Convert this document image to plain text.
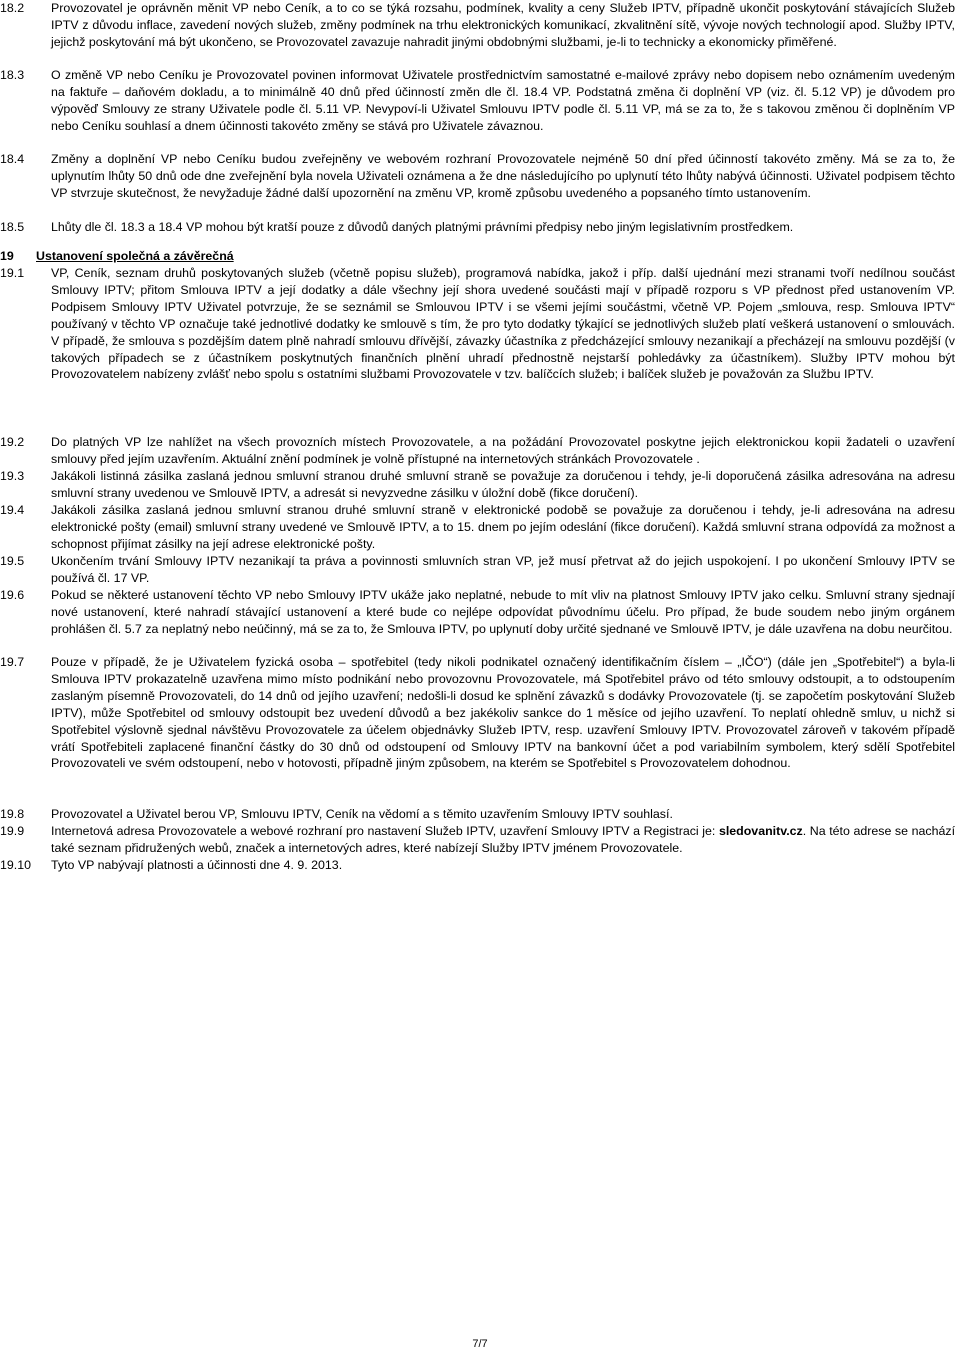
18.2	Provozovatel je oprávněn měnit VP nebo Ceník, a to co se týká rozsahu, podmínek, kvality a ceny Služeb IPTV, případně ukončit poskytování stávajících Služeb IPTV z důvodu inflace, zavedení nových služeb, změny podmínek na trhu elektronických komunikací, zkvalitnění sítě, vývoje nových technologií apod. Služby IPTV, jejichž poskytování má být ukončeno, se Provozovatel zavazuje nahradit jinými obdobnými službami, je-li to technicky a ekonomicky přiměřené.

18.3	O změně VP nebo Ceníku je Provozovatel povinen informovat Uživatele prostřednictvím samostatné e-mailové zprávy nebo dopisem nebo oznámením uvedeným na faktuře – daňovém dokladu, a to minimálně 40 dnů před účinností změn dle čl. 18.4 VP. Podstatná změna či doplnění VP (viz. čl. 5.12 VP) je důvodem pro výpověď Smlouvy ze strany Uživatele podle čl. 5.11 VP. Nevypoví-li Uživatel Smlouvu IPTV podle čl. 5.11 VP, má se za to, že s takovou změnou či doplněním VP nebo Ceníku souhlasí a dnem účinnosti takovéto změny se stává pro Uživatele závaznou.

18.4	Změny a doplnění VP nebo Ceníku budou zveřejněny ve webovém rozhraní Provozovatele nejméně 50 dní před účinností takovéto změny. Má se za to, že uplynutím lhůty 50 dnů ode dne zveřejnění byla novela Uživateli oznámena a že dne následujícího po uplynutí této lhůty nabývá účinnosti. Uživatel podpisem těchto VP stvrzuje skutečnost, že nevyžaduje žádné další upozornění na změnu VP, kromě způsobu uvedeného a popsaného tímto ustanovením.

18.5	Lhůty dle čl. 18.3 a 18.4 VP mohou být kratší pouze z důvodů daných platnými právními předpisy nebo jiným legislativním prostředkem.

19 Ustanovení společná a závěrečná
19.1	VP, Ceník, seznam druhů poskytovaných služeb (včetně popisu služeb), programová nabídka, jakož i příp. další ujednání mezi stranami tvoří nedílnou součást Smlouvy IPTV; přitom Smlouva IPTV a její dodatky a dále všechny její shora uvedené součásti mají v případě rozporu s VP přednost před ustanovením VP. Podpisem Smlouvy IPTV Uživatel potvrzuje, že se seznámil se Smlouvou IPTV i se všemi jejími součástmi, včetně VP. Pojem „smlouva, resp. Smlouva IPTV“ používaný v těchto VP označuje také jednotlivé dodatky ke smlouvě s tím, že pro tyto dodatky týkající se jednotlivých služeb platí veškerá ustanovení o smlouvách. V případě, že smlouva s pozdějším datem plně nahradí smlouvu dřívější, závazky účastníka z předcházející smlouvy nezanikají a přecházejí na smlouvu pozdější (v takových případech se z účastníkem poskytnutých finančních plnění uhradí přednostně nejstarší pohledávky za účastníkem). Služby IPTV mohou být Provozovatelem nabízeny zvlášť nebo spolu s ostatními službami Provozovatele v tzv. balíčcích služeb; i balíček služeb je považován za Službu IPTV.

19.2	Do platných VP lze nahlížet na všech provozních místech Provozovatele, a na požádání Provozovatel poskytne jejich elektronickou kopii žadateli o uzavření smlouvy před jejím uzavřením. Aktuální znění podmínek je volně přístupné na internetových stránkách Provozovatele .

19.3	Jakákoli listinná zásilka zaslaná jednou smluvní stranou druhé smluvní straně se považuje za doručenou i tehdy, je-li doporučená zásilka adresována na adresu smluvní strany uvedenou ve Smlouvě IPTV, a adresát si nevyzvedne zásilku v úložní době (fikce doručení).

19.4	Jakákoli zásilka zaslaná jednou smluvní stranou druhé smluvní straně v elektronické podobě se považuje za doručenou i tehdy, je-li adresována na adresu elektronické pošty (email) smluvní strany uvedené ve Smlouvě IPTV, a to 15. dnem po jejím odeslání (fikce doručení). Každá smluvní strana odpovídá za možnost a schopnost přijímat zásilky na její adrese elektronické pošty.

19.5	Ukončením trvání Smlouvy IPTV nezanikají ta práva a povinnosti smluvních stran VP, jež musí přetrvat až do jejich uspokojení. I po ukončení Smlouvy IPTV se používá čl. 17 VP.

19.6	Pokud se některé ustanovení těchto VP nebo Smlouvy IPTV ukáže jako neplatné, nebude to mít vliv na platnost Smlouvy IPTV jako celku. Smluvní strany sjednají nové ustanovení, které nahradí stávající ustanovení a které bude co nejlépe odpovídat původnímu účelu. Pro případ, že bude soudem nebo jiným orgánem prohlášen čl. 5.7 za neplatný nebo neúčinný, má se za to, že Smlouva IPTV, po uplynutí doby určité sjednané ve Smlouvě IPTV, je dále uzavřena na dobu neurčitou.

19.7	Pouze v případě, že je Uživatelem fyzická osoba – spotřebitel (tedy nikoli podnikatel označený identifikačním číslem – „IČO“) (dále jen „Spotřebitel“) a byla-li Smlouva IPTV prokazatelně uzavřena mimo místo podnikání nebo provozovnu Provozovatele, má Spotřebitel právo od této smlouvy odstoupit, a to odstoupením zaslaným písemně Provozovateli, do 14 dnů od jejího uzavření; nedošli-li dosud ke splnění závazků s dodávky Provozovatele (tj. se započetím poskytování Služeb IPTV), může Spotřebitel od smlouvy odstoupit bez uvedení důvodů a bez jakékoliv sankce do 1 měsíce od jejího uzavření. To neplatí ohledně smluv, u nichž si Spotřebitel výslovně sjednal návštěvu Provozovatele za účelem objednávky Služeb IPTV, resp. uzavření Smlouvy IPTV. Provozovatel zároveň v takovém případě vrátí Spotřebiteli zaplacené finanční částky do 30 dnů od odstoupení od Smlouvy IPTV na bankovní účet a pod variabilním symbolem, který sdělí Spotřebitel Provozovateli ve svém odstoupení, nebo v hotovosti, případně jiným způsobem, na kterém se Spotřebitel s Provozovatelem dohodnou.

19.8	Provozovatel a Uživatel berou VP, Smlouvu IPTV, Ceník na vědomí a s těmito uzavřením Smlouvy IPTV souhlasí.

19.9	Internetová adresa Provozovatele a webové rozhraní pro nastavení Služeb IPTV, uzavření Smlouvy IPTV a Registraci je: sledovanitv.cz. Na této adrese se nachází také seznam přidružených webů, značek a internetových adres, které nabízejí Služby IPTV jménem Provozovatele.

19.10	Tyto VP nabývají platnosti a účinnosti dne 4. 9. 2013.

7/7
